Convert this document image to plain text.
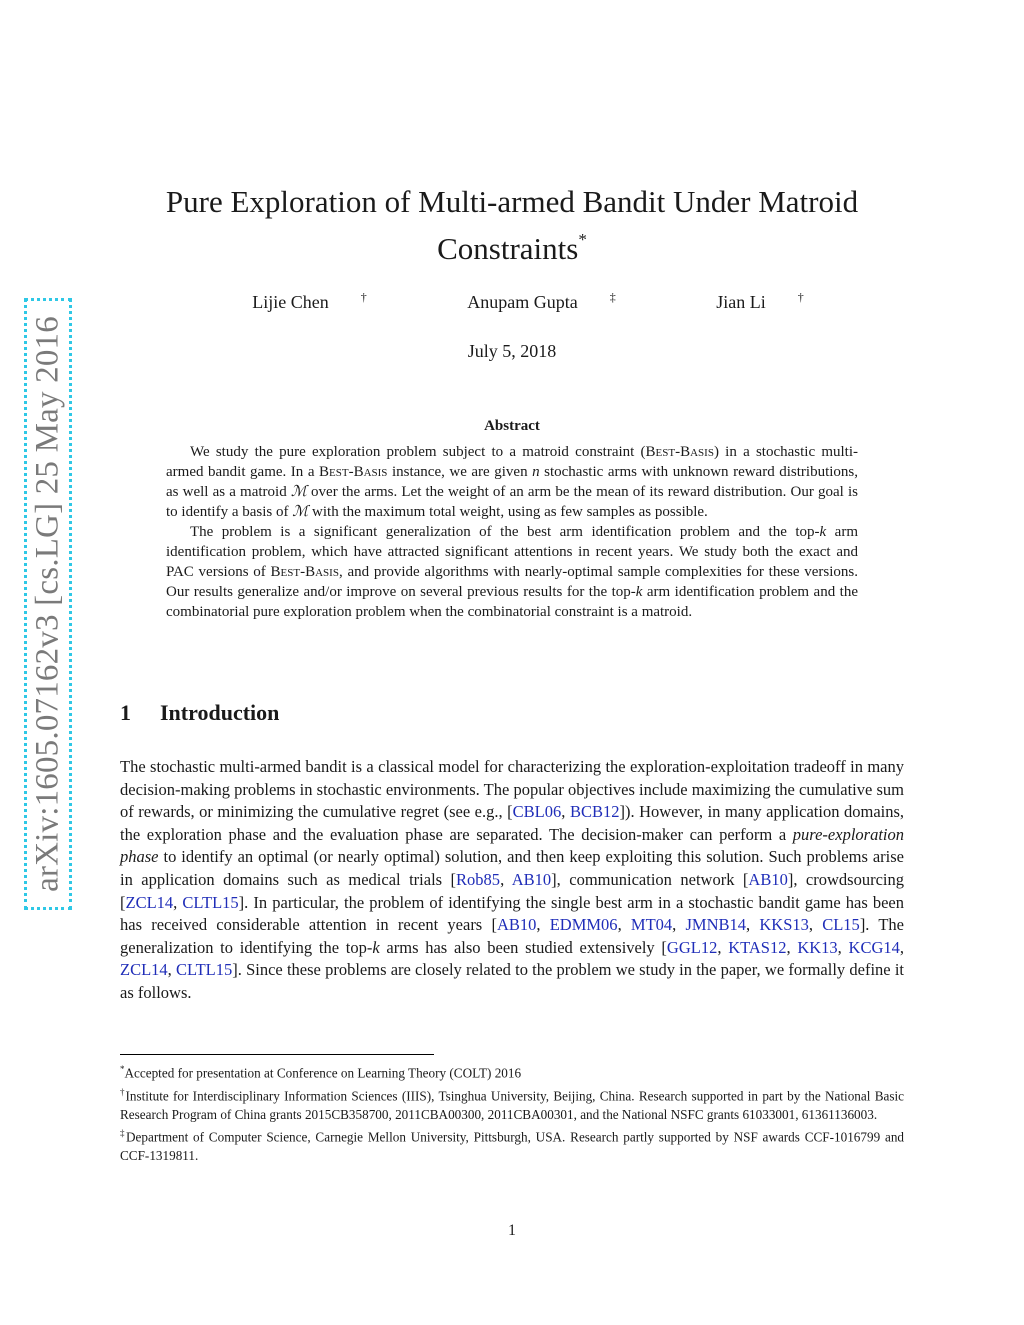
arXiv:1605.07162v3 [cs.LG] 25 May 2016
Pure Exploration of Multi-armed Bandit Under Matroid Constraints*
Lijie Chen	†	Anupam Gupta	‡	Jian Li	†
July 5, 2018
Abstract

We study the pure exploration problem subject to a matroid constraint (Best-Basis) in a stochastic multi-armed bandit game. In a Best-Basis instance, we are given n stochastic arms with unknown reward distributions, as well as a matroid ℳ over the arms. Let the weight of an arm be the mean of its reward distribution. Our goal is to identify a basis of ℳ with the maximum total weight, using as few samples as possible.

The problem is a significant generalization of the best arm identification problem and the top-k arm identification problem, which have attracted significant attentions in recent years. We study both the exact and PAC versions of Best-Basis, and provide algorithms with nearly-optimal sample complexities for these versions. Our results generalize and/or improve on several previous results for the top-k arm identification problem and the combinatorial pure exploration problem when the combinatorial constraint is a matroid.

1 Introduction

The stochastic multi-armed bandit is a classical model for characterizing the exploration-exploitation tradeoff in many decision-making problems in stochastic environments. The popular objectives include maximizing the cumulative sum of rewards, or minimizing the cumulative regret (see e.g., [CBL06, BCB12]). However, in many application domains, the exploration phase and the evaluation phase are separated. The decision-maker can perform a pure-exploration phase to identify an optimal (or nearly optimal) solution, and then keep exploiting this solution. Such problems arise in application domains such as medical trials [Rob85, AB10], communication network [AB10], crowdsourcing [ZCL14, CLTL15]. In particular, the problem of identifying the single best arm in a stochastic bandit game has been has received considerable attention in recent years [AB10, EDMM06, MT04, JMNB14, KKS13, CL15]. The generalization to identifying the top-k arms has also been studied extensively [GGL12, KTAS12, KK13, KCG14, ZCL14, CLTL15]. Since these problems are closely related to the problem we study in the paper, we formally define it as follows.

*Accepted for presentation at Conference on Learning Theory (COLT) 2016

†Institute for Interdisciplinary Information Sciences (IIIS), Tsinghua University, Beijing, China. Research supported in part by the National Basic Research Program of China grants 2015CB358700, 2011CBA00300, 2011CBA00301, and the National NSFC grants 61033001, 61361136003.

‡Department of Computer Science, Carnegie Mellon University, Pittsburgh, USA. Research partly supported by NSF awards CCF-1016799 and CCF-1319811.

1
